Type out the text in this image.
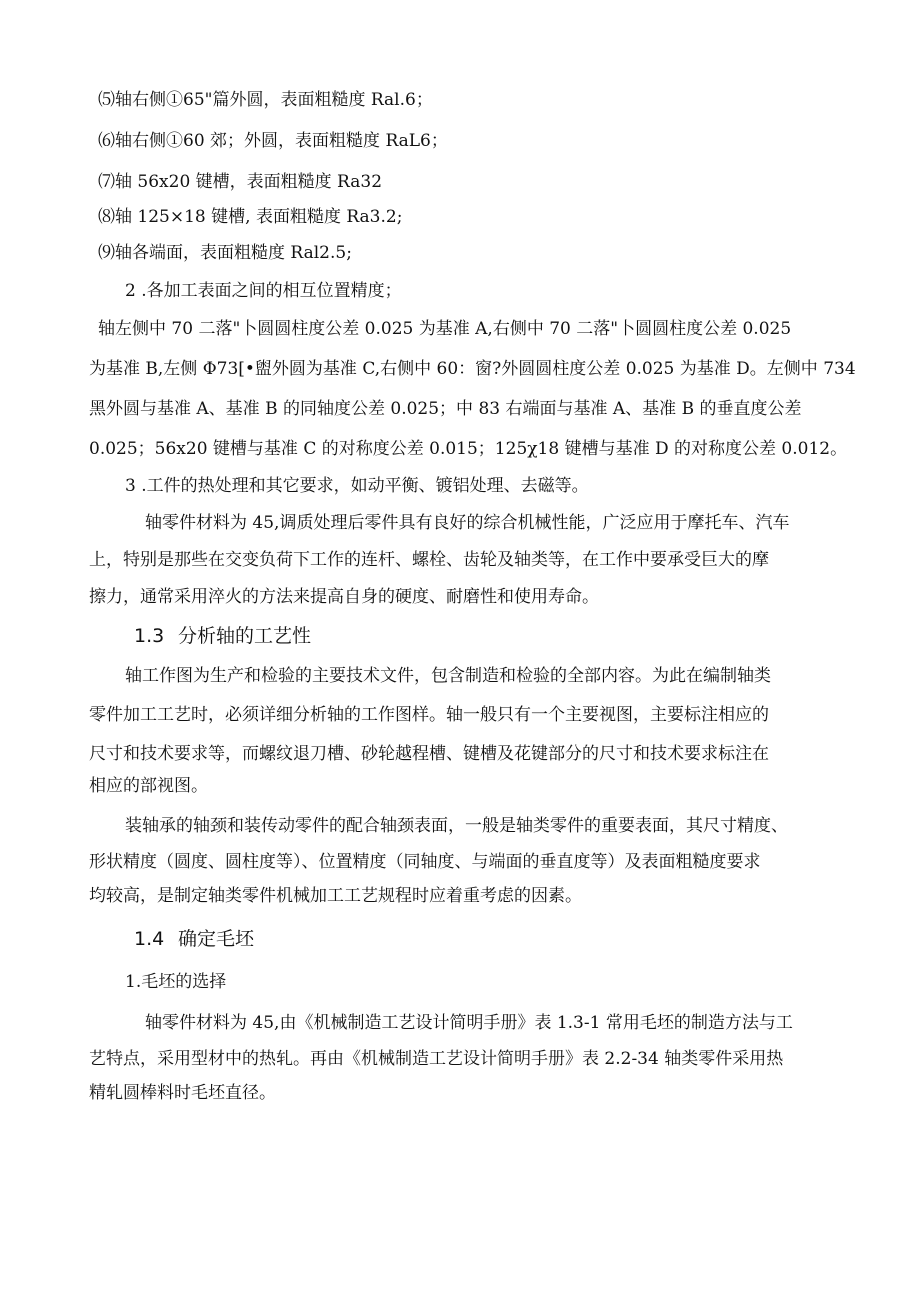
⑸轴右侧①65"篇外圆，表面粗糙度 Ral.6；
⑹轴右侧①60 郊；外圆，表面粗糙度 RaL6；
⑺轴 56x20 键槽，表面粗糙度 Ra32
⑻轴 125×18 键槽, 表面粗糙度 Ra3.2;
⑼轴各端面，表面粗糙度 Ral2.5;
2 .各加工表面之间的相互位置精度；
轴左侧中 70 二落"卜圆圆柱度公差 0.025 为基准 A,右侧中 70 二落"卜圆圆柱度公差 0.025
为基准 B,左侧 Φ73[•盥外圆为基准 C,右侧中 60：窗?外圆圆柱度公差 0.025 为基准 D。左侧中 734
黑外圆与基准 A、基准 B 的同轴度公差 0.025；中 83 右端面与基准 A、基准 B 的垂直度公差
0.025；56x20 键槽与基准 C 的对称度公差 0.015；125χ18 键槽与基准 D 的对称度公差 0.012。
3 .工件的热处理和其它要求，如动平衡、镀铝处理、去磁等。
轴零件材料为 45,调质处理后零件具有良好的综合机械性能，广泛应用于摩托车、汽车
上，特别是那些在交变负荷下工作的连杆、螺栓、齿轮及轴类等，在工作中要承受巨大的摩
擦力，通常采用淬火的方法来提高自身的硬度、耐磨性和使用寿命。
1.3 分析轴的工艺性
轴工作图为生产和检验的主要技术文件，包含制造和检验的全部内容。为此在编制轴类
零件加工工艺时，必须详细分析轴的工作图样。轴一般只有一个主要视图，主要标注相应的
尺寸和技术要求等，而螺纹退刀槽、砂轮越程槽、键槽及花键部分的尺寸和技术要求标注在
相应的部视图。
装轴承的轴颈和装传动零件的配合轴颈表面，一般是轴类零件的重要表面，其尺寸精度、
形状精度（圆度、圆柱度等）、位置精度（同轴度、与端面的垂直度等）及表面粗糙度要求
均较高，是制定轴类零件机械加工工艺规程时应着重考虑的因素。
1.4 确定毛坯
1.毛坯的选择
轴零件材料为 45,由《机械制造工艺设计简明手册》表 1.3-1 常用毛坯的制造方法与工
艺特点，采用型材中的热轧。再由《机械制造工艺设计简明手册》表 2.2-34 轴类零件采用热
精轧圆棒料时毛坯直径。
